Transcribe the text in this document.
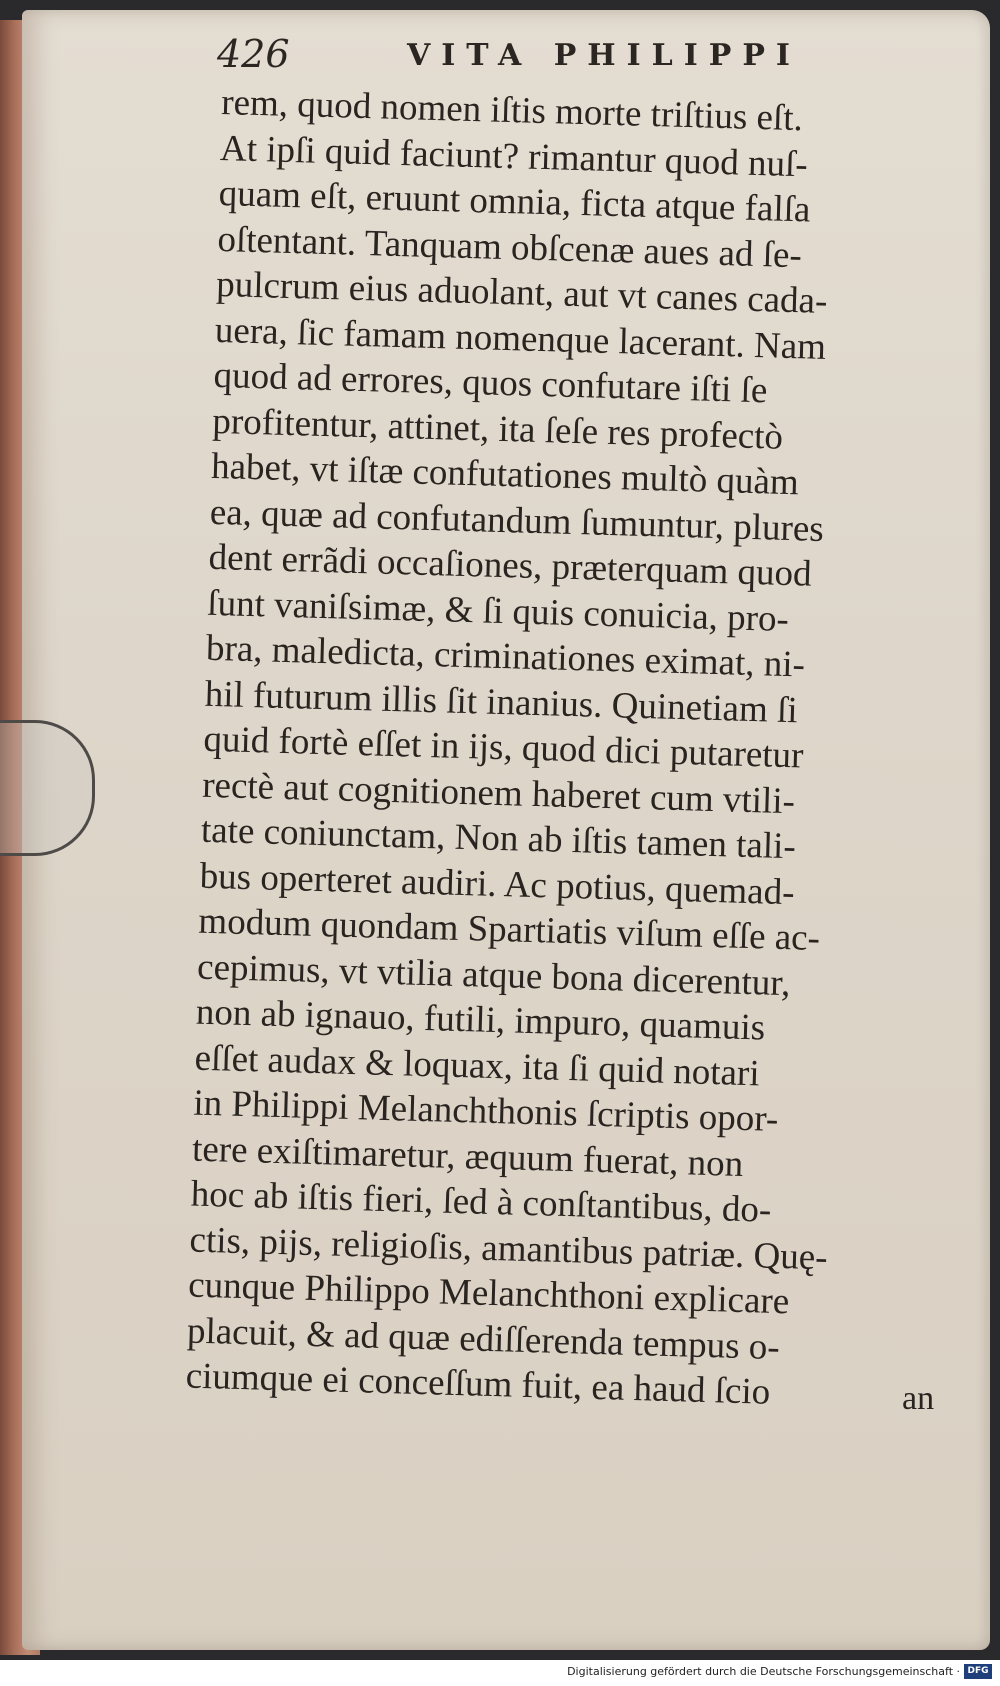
426	VITA PHILIPPI
rem, quod nomen iſtis morte triſtius eſt.
At ipſi quid faciunt? rimantur quod nuſ-
quam eſt, eruunt omnia, ficta atque falſa
oſtentant. Tanquam obſcenæ aues ad ſe-
pulcrum eius aduolant, aut vt canes cada-
uera, ſic famam nomenque lacerant. Nam
quod ad errores, quos confutare iſti ſe
profitentur, attinet, ita ſeſe res profectò
habet, vt iſtæ confutationes multò quàm
ea, quæ ad confutandum ſumuntur, plures
dent errãdi occaſiones, præterquam quod
ſunt vaniſsimæ, & ſi quis conuicia, pro-
bra, maledicta, criminationes eximat, ni-
hil futurum illis ſit inanius. Quinetiam ſi
quid fortè eſſet in ijs, quod dici putaretur
rectè aut cognitionem haberet cum vtili-
tate coniunctam, Non ab iſtis tamen tali-
bus operteret audiri. Ac potius, quemad-
modum quondam Spartiatis viſum eſſe ac-
cepimus, vt vtilia atque bona dicerentur,
non ab ignauo, futili, impuro, quamuis
eſſet audax & loquax, ita ſi quid notari
in Philippi Melanchthonis ſcriptis opor-
tere exiſtimaretur, æquum fuerat, non
hoc ab iſtis fieri, ſed à conſtantibus, do-
ctis, pijs, religioſis, amantibus patriæ. Quę-
cunque Philippo Melanchthoni explicare
placuit, & ad quæ ediſſerenda tempus o-
ciumque ei conceſſum fuit, ea haud ſcio	an
Digitalisierung gefördert durch die Deutsche Forschungsgemeinschaft · DFG
